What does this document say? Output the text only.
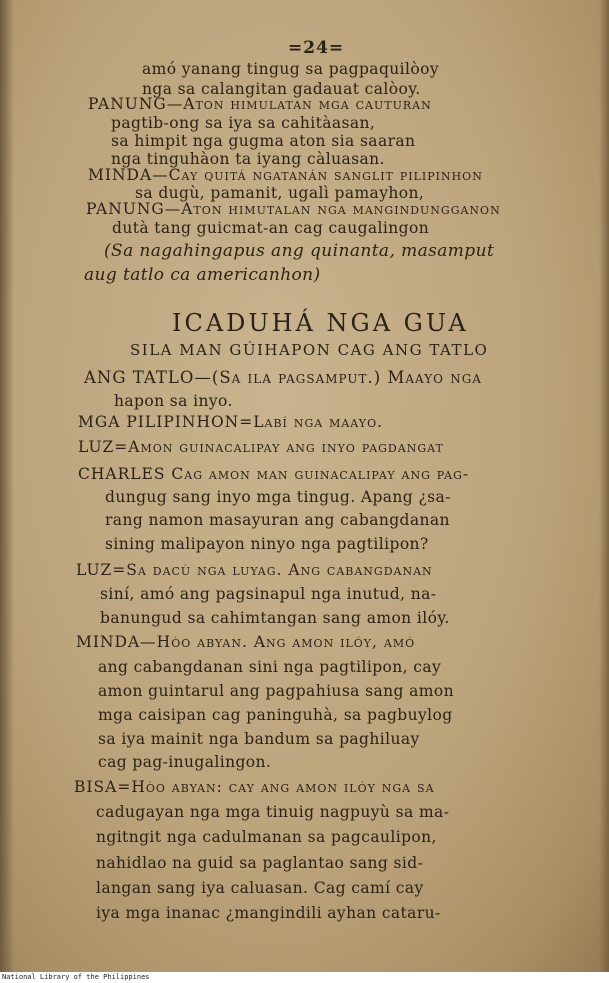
=24=
amó yanang tingug sa pagpaquilòoy
nga sa calangitan gadauat calòoy.
PANUNG—Aton himulatan mga cauturan
pagtib-ong sa iya sa cahitàasan,
sa himpit nga gugma aton sia saaran
nga tinguhàon ta iyang càluasan.
MINDA—Cay quitá ngatanán sanglit pilipinhon
sa dugù, pamanit, ugalì pamayhon,
PANUNG—Aton himutalan nga mangindunggan​on
dutà tang guicmat-an cag caugalingon
(Sa nagahingapus ang quinanta, masamput
aug tatlo ca americanhon)
ICADUHÁ NGA GUA
SILA MAN GÚIHAPON CAG ANG TATLO
ANG TATLO—(Sa ila pagsamput.) Maayo nga
hapon sa inyo.
MGA PILIPINHON=Labí nga maayo.
LUZ=Amon guinacalipay ang inyo pagdangat
CHARLES Cag amon man guinacalipay ang pag-
dungug sang inyo mga tingug. Apang ¿sa-
rang namon masayuran ang cabangdanan
sining malipayon ninyo nga pagtilipon?
LUZ=Sa dacù nga luyag. Ang cabangdanan
siní, amó ang pagsinapul nga inutud, na-
banungud sa cahimtangan sang amon ilóy.
MINDA—Hòo abyan. Ang amon ilóy, amó
ang cabangdanan sini nga pagtilipon, cay
amon guintarul ang pagpahiusa sang amon
mga caisipan cag paninguhà, sa pagbuylog
sa iya mainit nga bandum sa paghiluay
cag pag-inugalingon.
BISA=Hòo abyan: cay ang amon ilóy nga sa
cadugayan nga mga tinuig nagpuyù sa ma-
ngitngit nga cadulmanan sa pagcaulipon,
nahidlao na guid sa paglantao sang sid-
langan sang iya caluasan. Cag camí cay
iya mga inanac ¿mangindili ayhan cataru-
National Library of the Philippines
